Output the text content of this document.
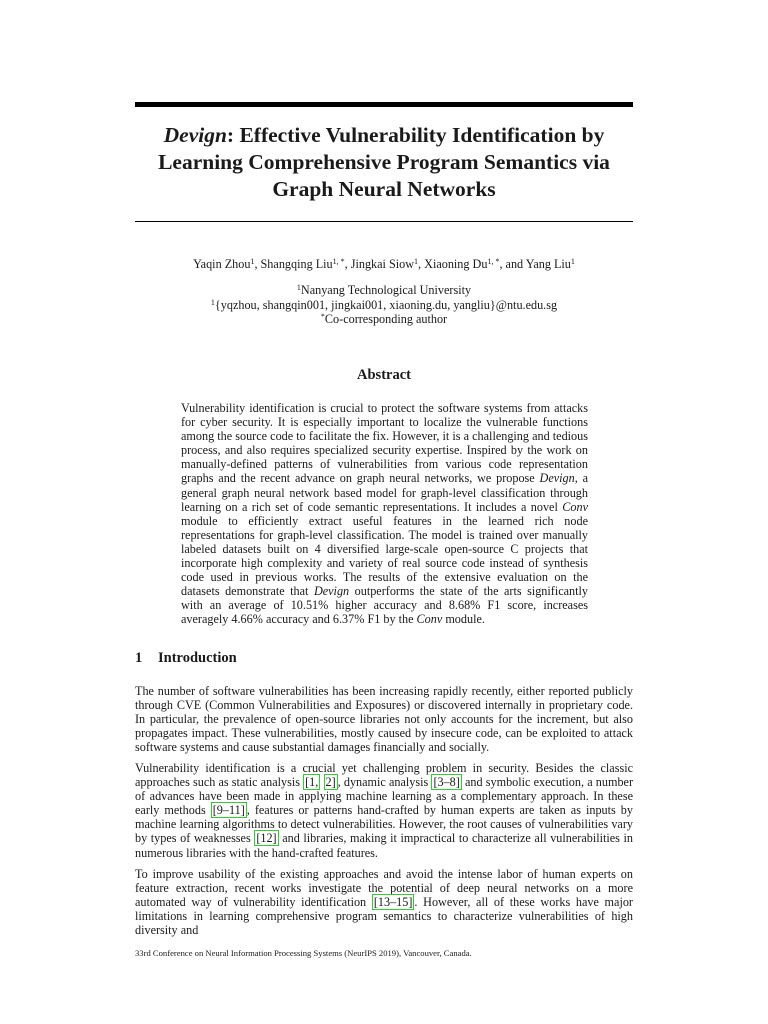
Devign: Effective Vulnerability Identification by Learning Comprehensive Program Semantics via Graph Neural Networks
Yaqin Zhou$^1$, Shangqing Liu$^{1, *}$, Jingkai Siow$^1$, Xiaoning $Du^{1, *}$, and Yang Liu$^1$
$^1$Nanyang Technological University
$^1${yqzhou, shangqin001, jingkai001, xiaoning.du, yangliu}@ntu.edu.sg
*Co-corresponding author
Abstract

Vulnerability identification is crucial to protect the software systems from attacks for cyber security. It is especially important to localize the vulnerable functions among the source code to facilitate the fix. However, it is a challenging and tedious process, and also requires specialized security expertise. Inspired by the work on manually-defined patterns of vulnerabilities from various code representation graphs and the recent advance on graph neural networks, we propose Devign, a general graph neural network based model for graph-level classification through learning on a rich set of code semantic representations. It includes a novel Conv module to efficiently extract useful features in the learned rich node representations for graph-level classification. The model is trained over manually labeled datasets built on 4 diversified large-scale open-source C projects that incorporate high complexity and variety of real source code instead of synthesis code used in previous works. The results of the extensive evaluation on the datasets demonstrate that Devign outperforms the state of the arts significantly with an average of 10.51% higher accuracy and 8.68% F1 score, increases averagely 4.66% accuracy and 6.37% F1 by the Conv module.

1 Introduction

The number of software vulnerabilities has been increasing rapidly recently, either reported publicly through CVE (Common Vulnerabilities and Exposures) or discovered internally in proprietary code. In particular, the prevalence of open-source libraries not only accounts for the increment, but also propagates impact. These vulnerabilities, mostly caused by insecure code, can be exploited to attack software systems and cause substantial damages financially and socially.

Vulnerability identification is a crucial yet challenging problem in security. Besides the classic approaches such as static analysis [1, 2] , dynamic analysis [3–8] and symbolic execution, a number of advances have been made in applying machine learning as a complementary approach. In these early methods [9–11] , features or patterns hand-crafted by human experts are taken as inputs by machine learning algorithms to detect vulnerabilities. However, the root causes of vulnerabilities vary by types of weaknesses [12] and libraries, making it impractical to characterize all vulnerabilities in numerous libraries with the hand-crafted features.

To improve usability of the existing approaches and avoid the intense labor of human experts on feature extraction, recent works investigate the potential of deep neural networks on a more automated way of vulnerability identification [13–15] . However, all of these works have major limitations in learning comprehensive program semantics to characterize vulnerabilities of high diversity and

33rd Conference on Neural Information Processing Systems (NeurIPS 2019), Vancouver, Canada.
